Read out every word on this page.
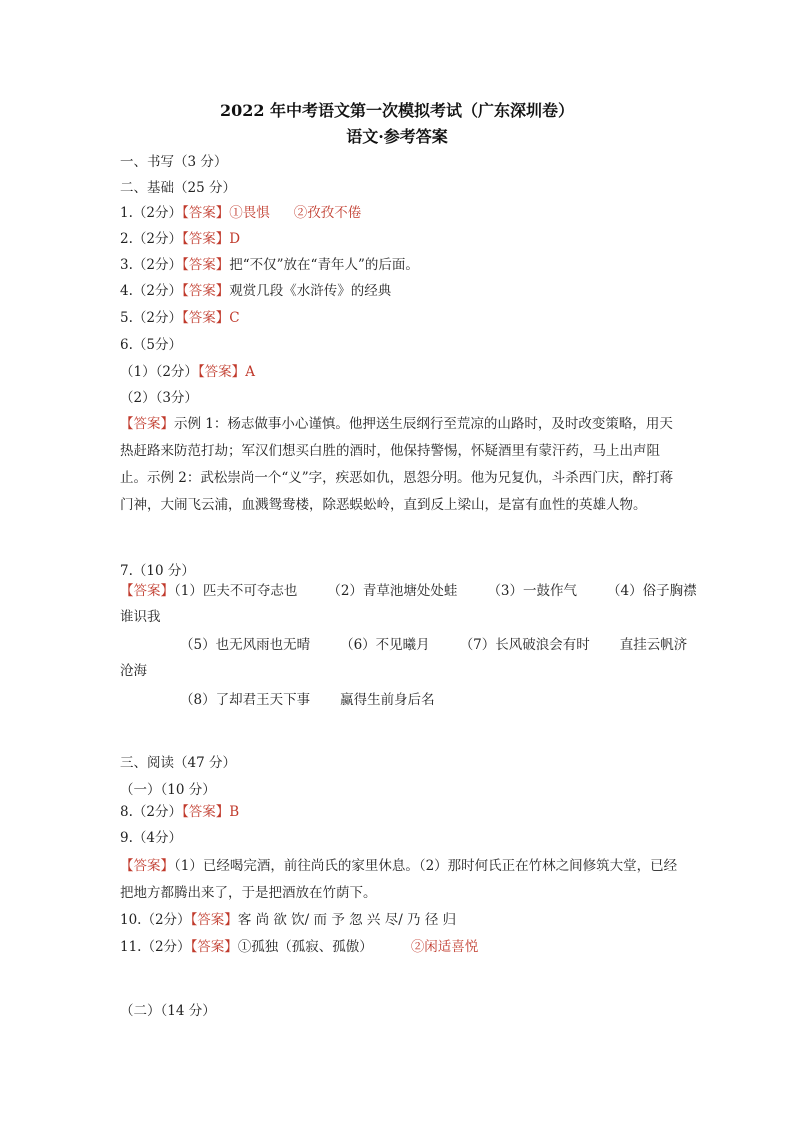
2022 年中考语文第一次模拟考试（广东深圳卷）
语文·参考答案
一、书写（3 分）
二、基础（25 分）
1.（2分）【答案】①畏惧 ②孜孜不倦
2.（2分）【答案】D
3.（2分）【答案】把“不仅”放在“青年人”的后面。
4.（2分）【答案】观赏几段《水浒传》的经典
5.（2分）【答案】C
6.（5分）
（1）（2分）【答案】A
（2）（3分）
【答案】示例 1：杨志做事小心谨慎。他押送生辰纲行至荒凉的山路时，及时改变策略，用天热赶路来防范打劫；军汉们想买白胜的酒时，他保持警惕，怀疑酒里有蒙汗药，马上出声阻止。示例 2：武松崇尚一个“义”字，疾恶如仇，恩怨分明。他为兄复仇，斗杀西门庆，醉打蒋门神，大闹飞云浦，血溅鸳鸯楼，除恶蜈蚣岭，直到反上梁山，是富有血性的英雄人物。
7.（10 分）
【答案】（1）匹夫不可夺志也 （2）青草池塘处处蛙 （3）一鼓作气 （4）俗子胸襟
谁识我
（5）也无风雨也无晴 （6）不见曦月 （7）长风破浪会有时 直挂云帆济
沧海
（8）了却君王天下事 赢得生前身后名
三、阅读（47 分）
（一）（10 分）
8.（2分）【答案】B
9.（4分）
【答案】（1）已经喝完酒，前往尚氏的家里休息。（2）那时何氏正在竹林之间修筑大堂，已经把地方都腾出来了，于是把酒放在竹荫下。
10.（2分）【答案】客 尚 欲 饮/ 而 予 忽 兴 尽/ 乃 径 归
11.（2分）【答案】①孤独（孤寂、孤傲）	②闲适喜悦
（二）（14 分）
